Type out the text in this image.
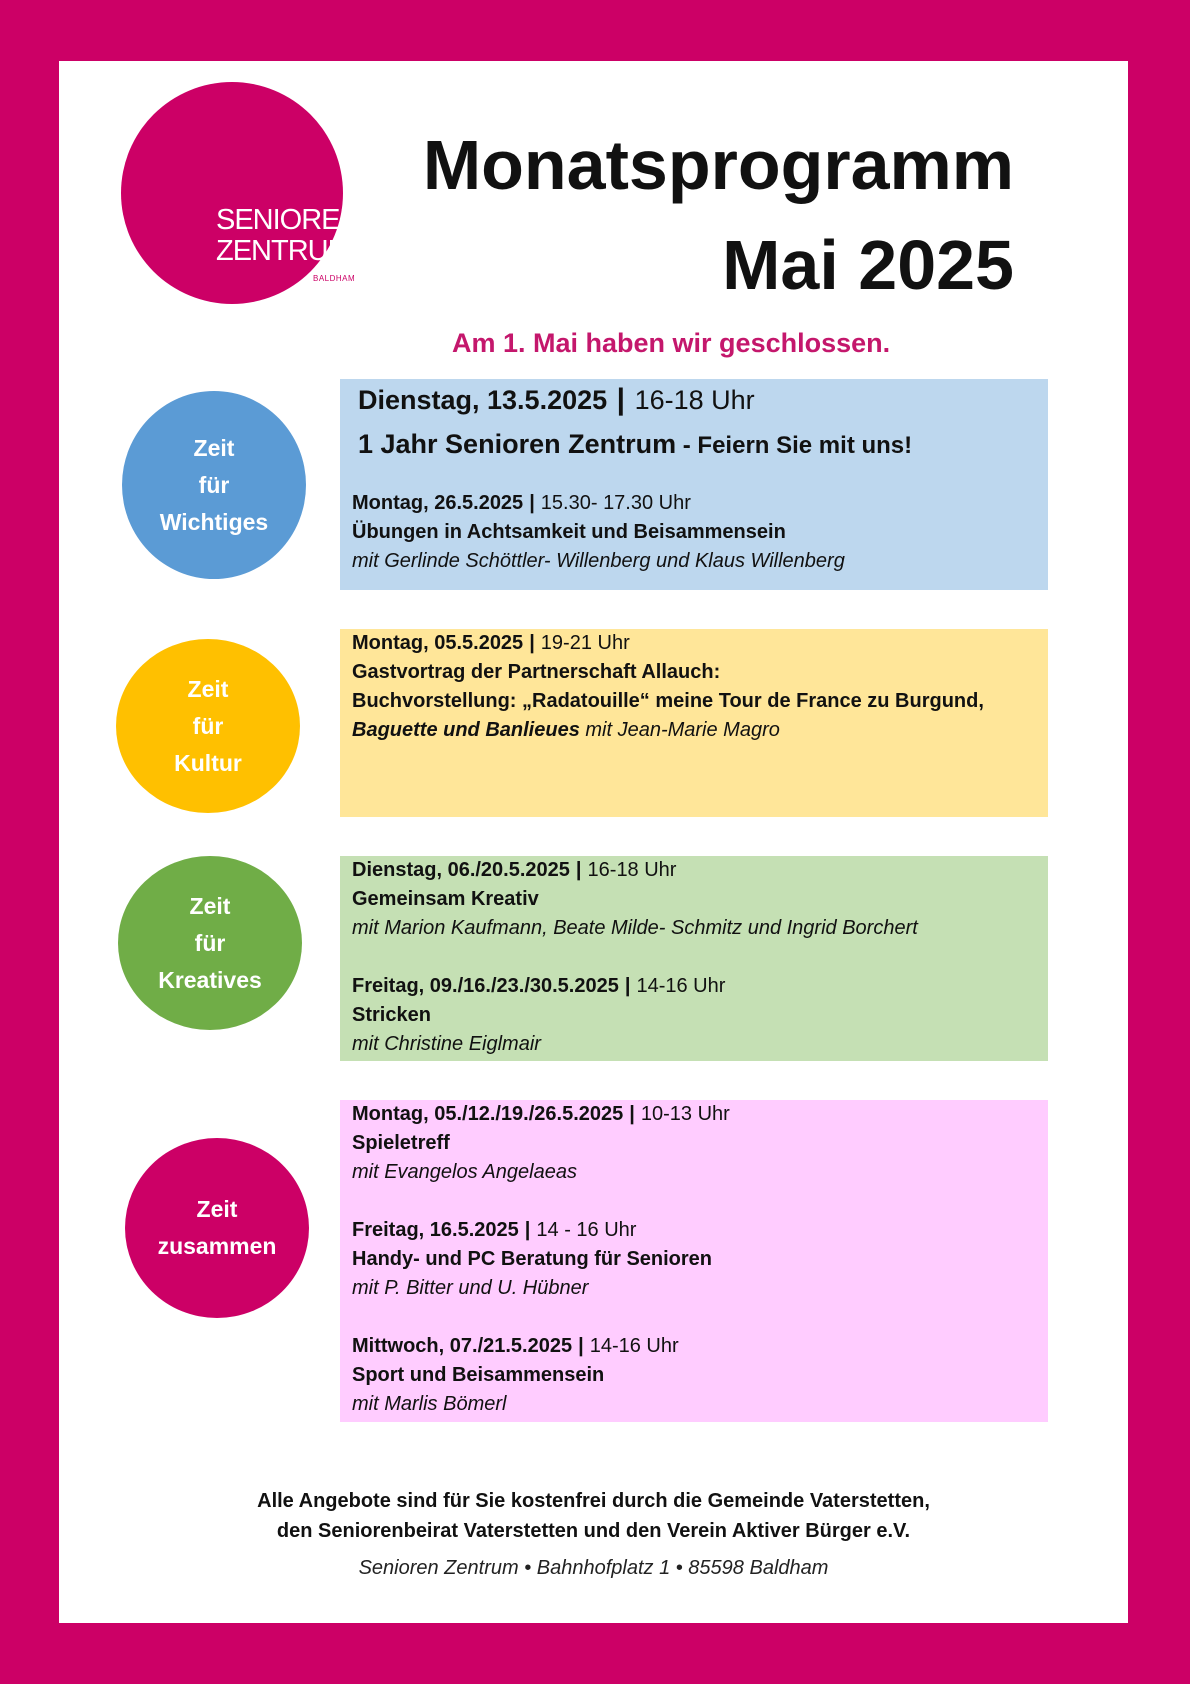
SENIOREN
ZENTRUM
BALDHAM
Monatsprogramm
Mai 2025
Am 1. Mai haben wir geschlossen.
Zeit
für
Wichtiges
Zeit
für
Kultur
Zeit
für
Kreatives
Zeit
zusammen
Dienstag, 13.5.2025 | 16-18 Uhr
1 Jahr Senioren Zentrum - Feiern Sie mit uns!
Montag, 26.5.2025 | 15.30- 17.30 Uhr
Übungen in Achtsamkeit und Beisammensein
mit Gerlinde Schöttler- Willenberg und Klaus Willenberg
Montag, 05.5.2025 | 19-21 Uhr
Gastvortrag der Partnerschaft Allauch:
Buchvorstellung: „Radatouille“ meine Tour de France zu Burgund,
Baguette und Banlieues mit Jean-Marie Magro
Dienstag, 06./20.5.2025 | 16-18 Uhr
Gemeinsam Kreativ
mit Marion Kaufmann, Beate Milde- Schmitz und Ingrid Borchert
Freitag, 09./16./23./30.5.2025 | 14-16 Uhr
Stricken
mit Christine Eiglmair
Montag, 05./12./19./26.5.2025 | 10-13 Uhr
Spieletreff
mit Evangelos Angelaeas
Freitag, 16.5.2025 | 14 - 16 Uhr
Handy- und PC Beratung für Senioren
mit P. Bitter und U. Hübner
Mittwoch, 07./21.5.2025 | 14-16 Uhr
Sport und Beisammensein
mit Marlis Bömerl
Alle Angebote sind für Sie kostenfrei durch die Gemeinde Vaterstetten,
den Seniorenbeirat Vaterstetten und den Verein Aktiver Bürger e.V.
Senioren Zentrum • Bahnhofplatz 1 • 85598 Baldham
